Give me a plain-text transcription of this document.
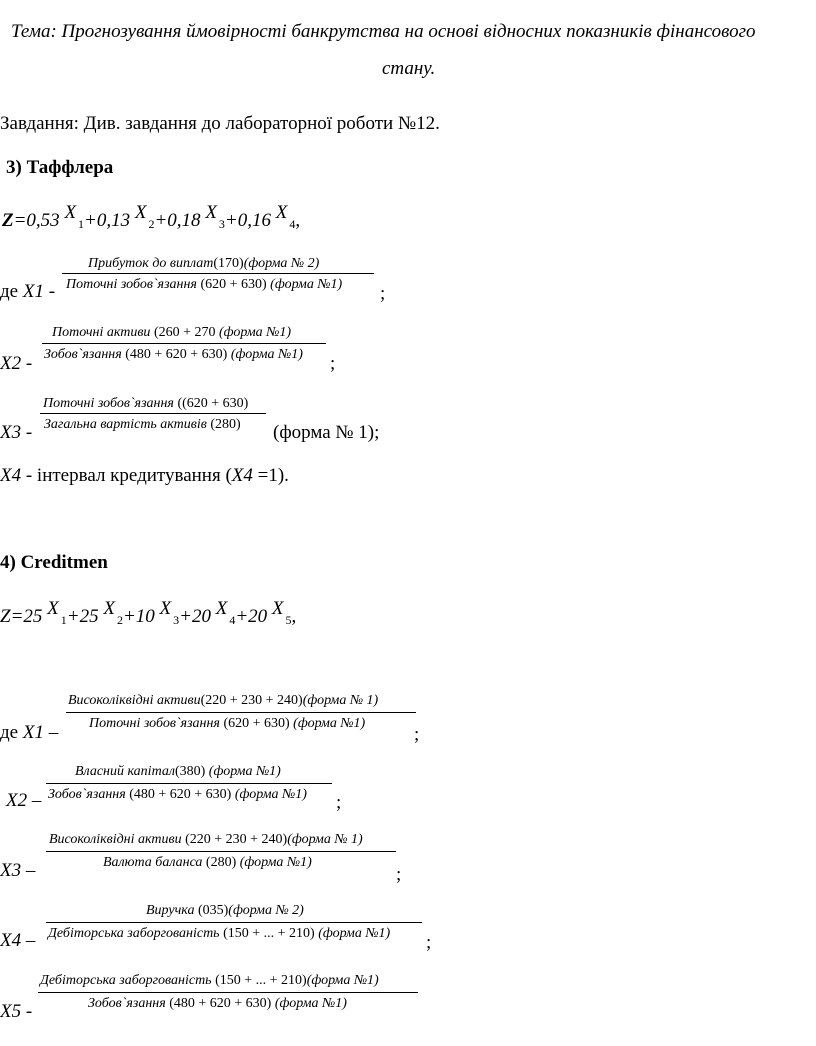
Тема: Прогнозування ймовірності банкрутства на основі відносних показників фінансового
стану.
Завдання: Див. завдання до лабораторної роботи №12.
3) Таффлера
Z=0,53 X1+0,13 X2+0,18 X3+0,16 X4,
де X1 -
Прибуток до виплат(170)(форма № 2)
Поточні зобов`язання (620 + 630) (форма №1) ;
X2 -
Поточні активи (260 + 270 (форма №1)
Зобов`язання (480 + 620 + 630) (форма №1) ;
X3 -
Поточні зобов`язання ((620 + 630)
Загальна вартість активів (280) (форма № 1);
X4 - інтервал кредитування (X4 =1).
4) Creditmen
Z=25 X1+25 X2+10 X3+20 X4+20 X5,
де X1 –
Високоліквідні активи(220 + 230 + 240)(форма № 1)
Поточні зобов`язання (620 + 630) (форма №1)
;
X2 –
Власний капітал(380) (форма №1)
Зобов`язання (480 + 620 + 630) (форма №1) ;
X3 –
Високоліквідні активи (220 + 230 + 240)(форма № 1)
Валюта баланса (280) (форма №1)
;
X4 –
Виручка (035)(форма № 2)
Дебіторська заборгованість (150 + ... + 210) (форма №1) ;
X5 -
Дебіторська заборгованість (150 + ... + 210)(форма №1)
Зобов`язання (480 + 620 + 630) (форма №1)
